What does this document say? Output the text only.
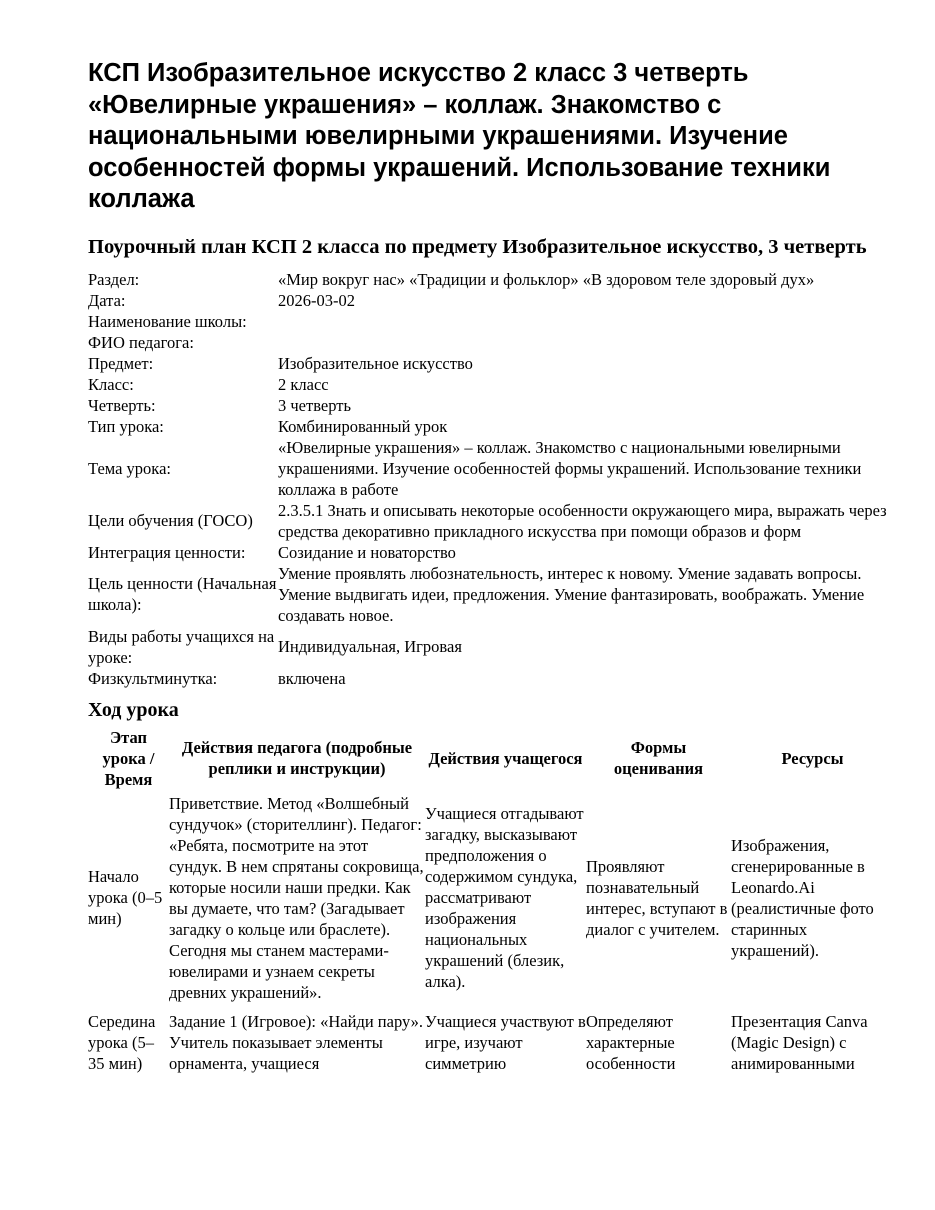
КСП Изобразительное искусство 2 класс 3 четверть «Ювелирные украшения» – коллаж. Знакомство с национальными ювелирными украшениями. Изучение особенностей формы украшений. Использование техники коллажа
Поурочный план КСП 2 класса по предмету Изобразительное искусство, 3 четверть
Раздел:	«Мир вокруг нас» «Традиции и фольклор» «В здоровом теле здоровый дух»
Дата:	2026-03-02
Наименование школы:	
ФИО педагога:	
Предмет:	Изобразительное искусство
Класс:	2 класс
Четверть:	3 четверть
Тип урока:	Комбинированный урок
Тема урока:	«Ювелирные украшения» – коллаж. Знакомство с национальными ювелирными украшениями. Изучение особенностей формы украшений. Использование техники коллажа в работе
Цели обучения (ГОСО)	2.3.5.1 Знать и описывать некоторые особенности окружающего мира, выражать через средства декоративно прикладного искусства при помощи образов и форм
Интеграция ценности:	Созидание и новаторство
Цель ценности (Начальная школа):	Умение проявлять любознательность, интерес к новому. Умение задавать вопросы. Умение выдвигать идеи, предложения. Умение фантазировать, воображать. Умение создавать новое.
Виды работы учащихся на уроке:	Индивидуальная, Игровая
Физкультминутка:	включена
Ход урока
Этап урока / Время	Действия педагога (подробные реплики и инструкции)	Действия учащегося	Формы оценивания	Ресурсы
Начало урока (0–5 мин)	Приветствие. Метод «Волшебный сундучок» (сторителлинг). Педагог: «Ребята, посмотрите на этот сундук. В нем спрятаны сокровища, которые носили наши предки. Как вы думаете, что там? (Загадывает загадку о кольце или браслете). Сегодня мы станем мастерами-ювелирами и узнаем секреты древних украшений».	Учащиеся отгадывают загадку, высказывают предположения о содержимом сундука, рассматривают изображения национальных украшений (блезик, алка).	Проявляют познавательный интерес, вступают в диалог с учителем.	Изображения, сгенерированные в Leonardo.Ai (реалистичные фото старинных украшений).
Середина урока (5–35 мин)	Задание 1 (Игровое): «Найди пару». Учитель показывает элементы орнамента, учащиеся	Учащиеся участвуют в игре, изучают симметрию	Определяют характерные особенности	Презентация Canva (Magic Design) с анимированными
